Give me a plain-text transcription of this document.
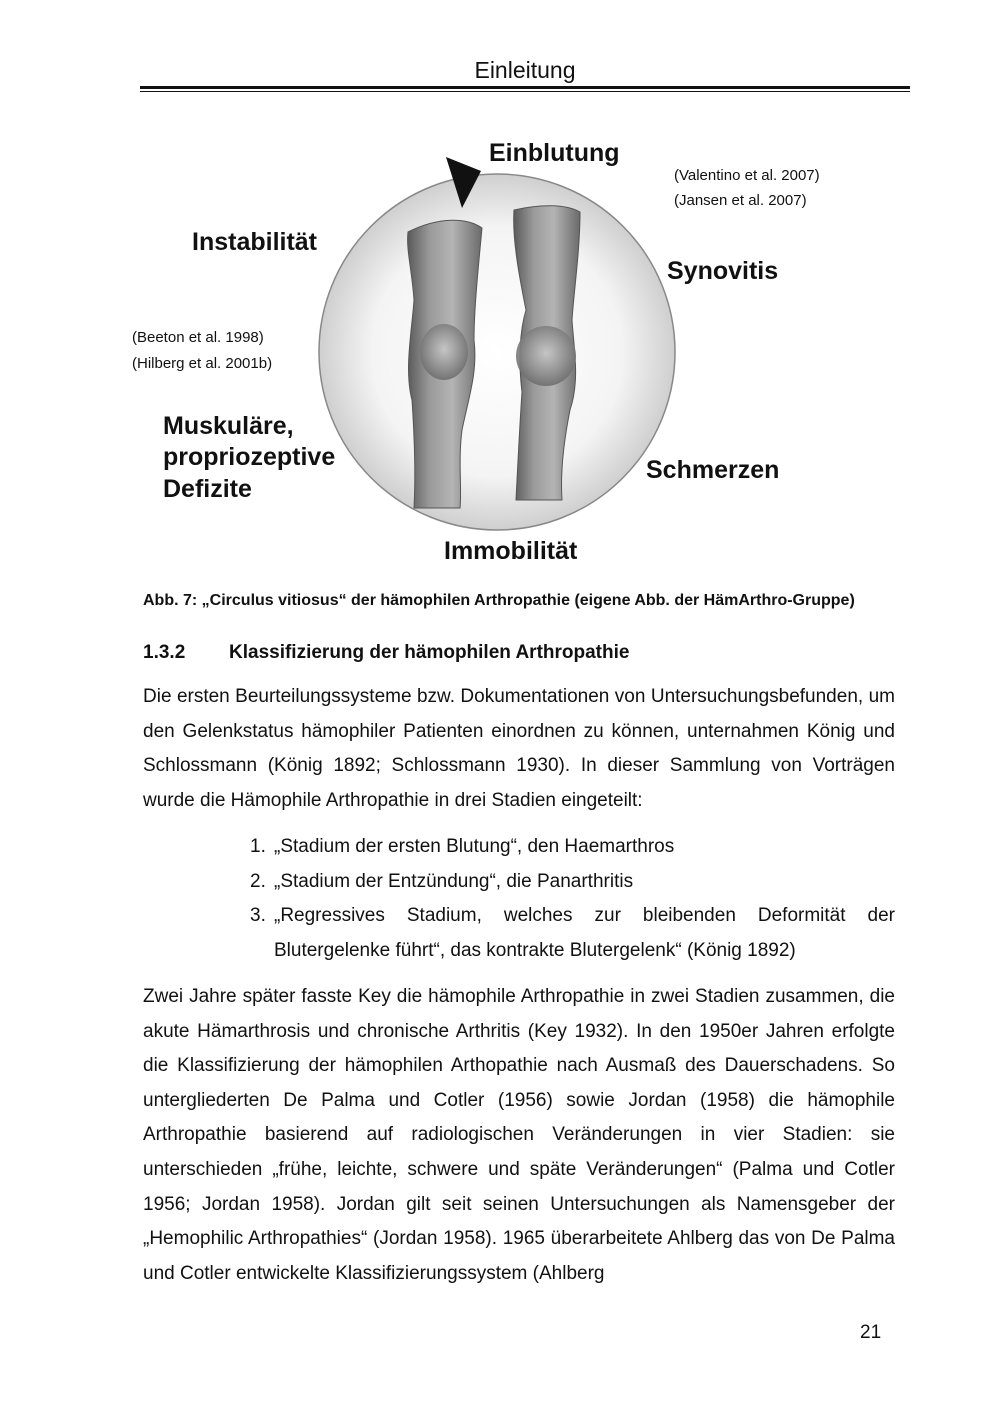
Einleitung
Einblutung
(Valentino et al. 2007)
(Jansen et al. 2007)
Synovitis
Schmerzen
Immobilität
Instabilität
(Beeton et al. 1998)
(Hilberg et al. 2001b)
Muskuläre,
propriozeptive
Defizite
Abb. 7: „Circulus vitiosus“ der hämophilen Arthropathie (eigene Abb. der HämArthro-Gruppe)
1.3.2 Klassifizierung der hämophilen Arthropathie

Die ersten Beurteilungssysteme bzw. Dokumentationen von Untersuchungsbefunden, um den Gelenkstatus hämophiler Patienten einordnen zu können, unternahmen König und Schlossmann (König 1892; Schlossmann 1930). In dieser Sammlung von Vorträgen wurde die Hämophile Arthropathie in drei Stadien eingeteilt:

1. „Stadium der ersten Blutung“, den Haemarthros
2. „Stadium der Entzündung“, die Panarthritis
3. „Regressives Stadium, welches zur bleibenden Deformität der Blutergelenke führt“, das kontrakte Blutergelenk“ (König 1892)

Zwei Jahre später fasste Key die hämophile Arthropathie in zwei Stadien zusammen, die akute Hämarthrosis und chronische Arthritis (Key 1932). In den 1950er Jahren erfolgte die Klassifizierung der hämophilen Arthopathie nach Ausmaß des Dauerschadens. So untergliederten De Palma und Cotler (1956) sowie Jordan (1958) die hämophile Arthropathie basierend auf radiologischen Veränderungen in vier Stadien: sie unterschieden „frühe, leichte, schwere und späte Veränderungen“ (Palma und Cotler 1956; Jordan 1958). Jordan gilt seit seinen Untersuchungen als Namensgeber der „Hemophilic Arthropathies“ (Jordan 1958). 1965 überarbeitete Ahlberg das von De Palma und Cotler entwickelte Klassifizierungssystem (Ahlberg

21
